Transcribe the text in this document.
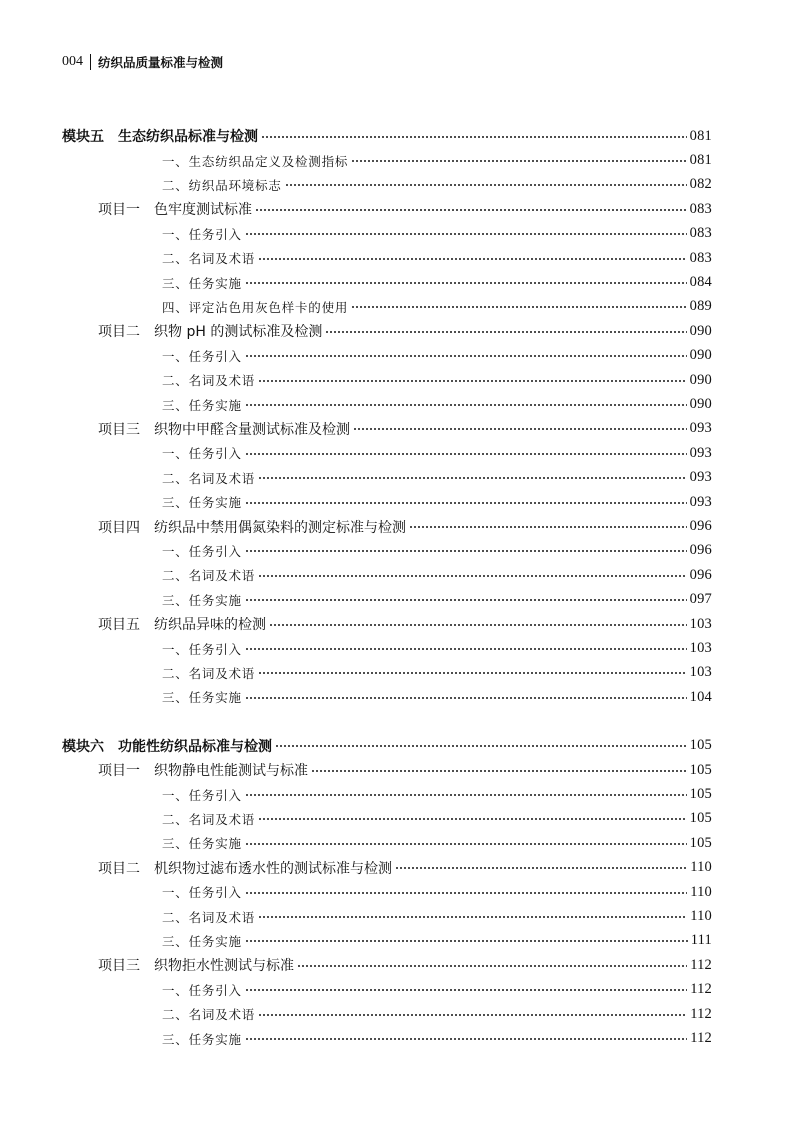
004 纺织品质量标准与检测
模块五　生态纺织品标准与检测	081
一、生态纺织品定义及检测指标	081
二、纺织品环境标志	082
项目一　色牢度测试标准	083
一、任务引入	083
二、名词及术语	083
三、任务实施	084
四、评定沾色用灰色样卡的使用	089
项目二　织物 pH 的测试标准及检测	090
一、任务引入	090
二、名词及术语	090
三、任务实施	090
项目三　织物中甲醛含量测试标准及检测	093
一、任务引入	093
二、名词及术语	093
三、任务实施	093
项目四　纺织品中禁用偶氮染料的测定标准与检测	096
一、任务引入	096
二、名词及术语	096
三、任务实施	097
项目五　纺织品异味的检测	103
一、任务引入	103
二、名词及术语	103
三、任务实施	104
模块六　功能性纺织品标准与检测	105
项目一　织物静电性能测试与标准	105
一、任务引入	105
二、名词及术语	105
三、任务实施	105
项目二　机织物过滤布透水性的测试标准与检测	110
一、任务引入	110
二、名词及术语	110
三、任务实施	111
项目三　织物拒水性测试与标准	112
一、任务引入	112
二、名词及术语	112
三、任务实施	112
